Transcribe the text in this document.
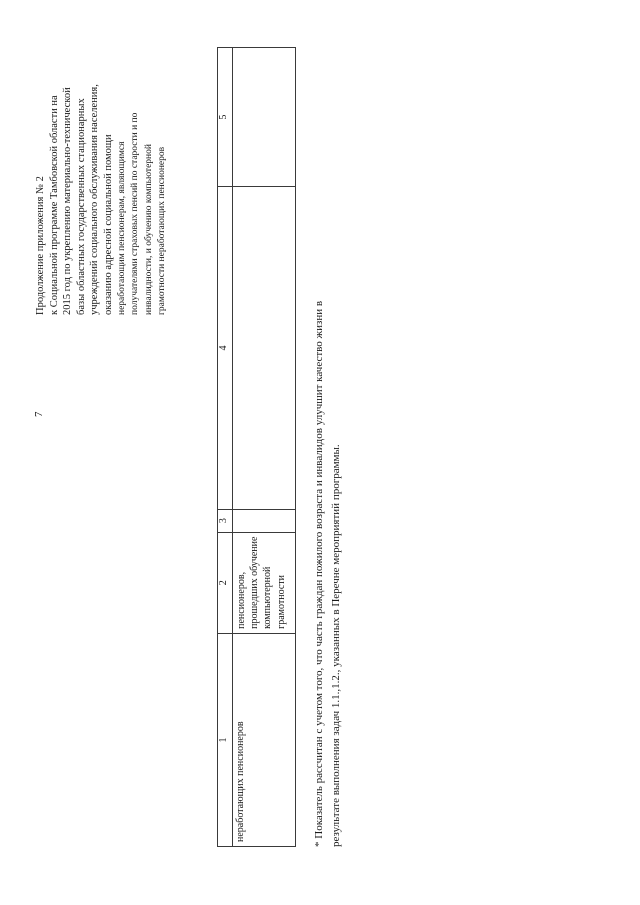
7
Продолжение приложения № 2 к Социальной программе Тамбовской области на 2015 год по укреплению материально-технической базы областных государственных стационарных учреждений социального обслуживания населения, оказанию адресной социальной помощи неработающим пенсионерам, являющимся получателями страховых пенсий по старости и по инвалидности, и обучению компьютерной грамотности неработающих пенсионеров
1	2	3	4	5
неработающих пенсионеров	пенсионеров, прошедших обучение компьютерной грамотности			
			* Показатель рассчитан с учетом того, что часть граждан пожилого возраста и инвалидов улучшит качество жизни в результате выполнения задач 1.1.,1.2., указанных в Перечне мероприятий программы.
